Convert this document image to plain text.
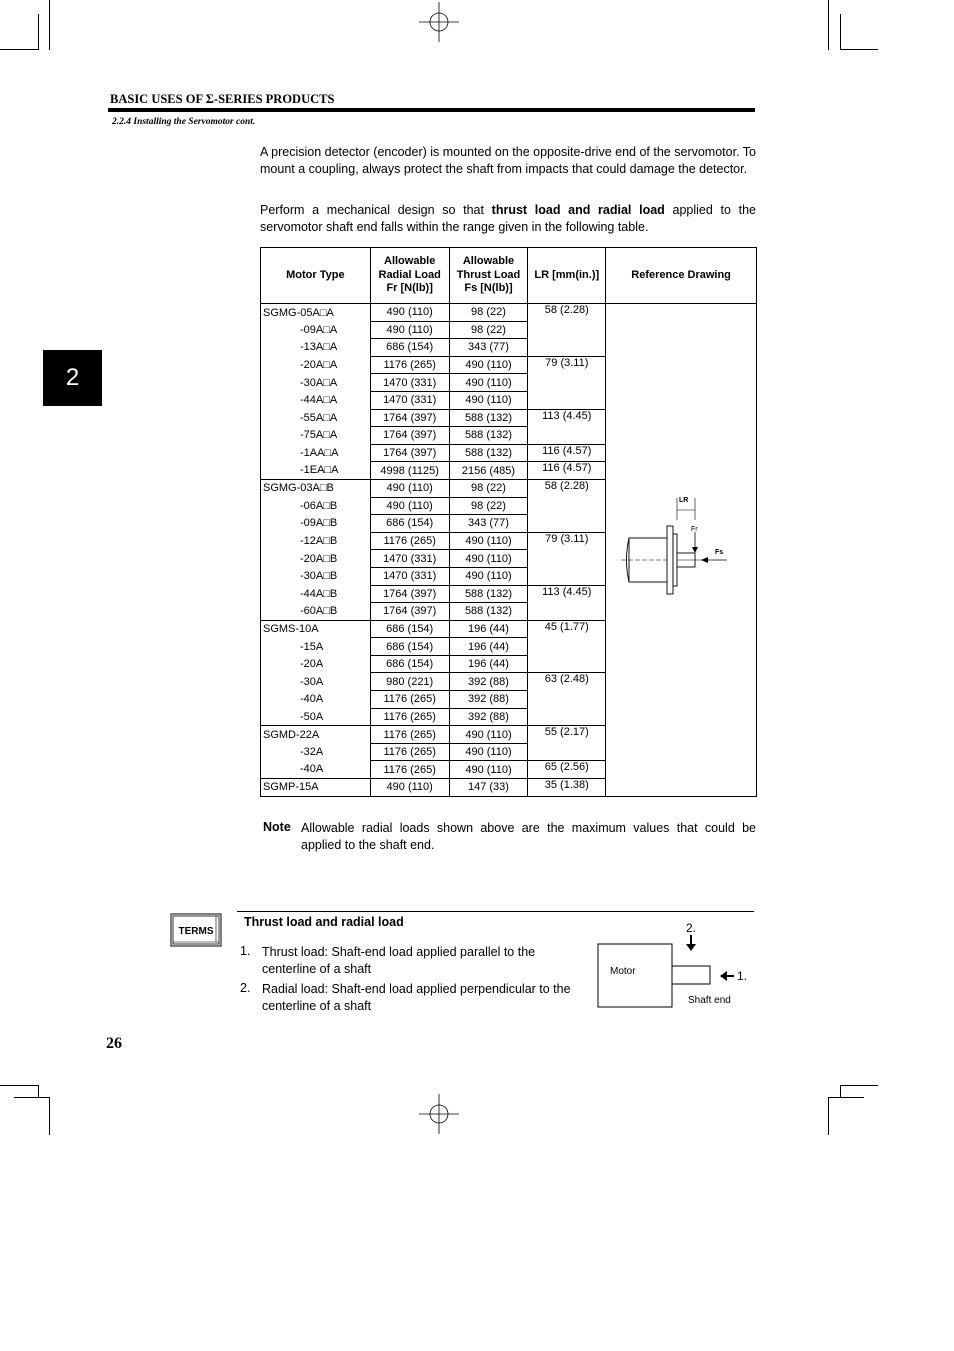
BASIC USES OF Σ-SERIES PRODUCTS
2.2.4 Installing the Servomotor cont.
2

A precision detector (encoder) is mounted on the opposite-drive end of the servomotor. To mount a coupling, always protect the shaft from impacts that could damage the detector.

Perform a mechanical design so that thrust load and radial load applied to the servomotor shaft end falls within the range given in the following table.

Motor Type	Allowable Radial Load Fr [N(lb)]	Allowable Thrust Load Fs [N(lb)]	LR [mm(in.)]	Reference Drawing
SGMG-05A□A	490 (110)	98 (22)	58 (2.28)	LR
Fr
Fs

-09A□A	490 (110)	98 (22)		
-13A□A	686 (154)	343 (77)		
-20A□A	1176 (265)	490 (110)	79 (3.11)	
-30A□A	1470 (331)	490 (110)		
-44A□A	1470 (331)	490 (110)		
-55A□A	1764 (397)	588 (132)	113 (4.45)	
-75A□A	1764 (397)	588 (132)		
-1AA□A	1764 (397)	588 (132)	116 (4.57)	
-1EA□A	4998 (1125)	2156 (485)	116 (4.57)	
SGMG-03A□B	490 (110)	98 (22)	58 (2.28)	
-06A□B	490 (110)	98 (22)		
-09A□B	686 (154)	343 (77)		
-12A□B	1176 (265)	490 (110)	79 (3.11)	
-20A□B	1470 (331)	490 (110)		
-30A□B	1470 (331)	490 (110)		
-44A□B	1764 (397)	588 (132)	113 (4.45)	
-60A□B	1764 (397)	588 (132)		
SGMS-10A	686 (154)	196 (44)	45 (1.77)	
-15A	686 (154)	196 (44)		
-20A	686 (154)	196 (44)		
-30A	980 (221)	392 (88)	63 (2.48)	
-40A	1176 (265)	392 (88)		
-50A	1176 (265)	392 (88)		
SGMD-22A	1176 (265)	490 (110)	55 (2.17)	
-32A	1176 (265)	490 (110)		
-40A	1176 (265)	490 (110)	65 (2.56)	
SGMP-15A	490 (110)	147 (33)	35 (1.38)	
Note Allowable radial loads shown above are the maximum values that could be applied to the shaft end.

TERMS
Thrust load and radial load
1. Thrust load: Shaft-end load applied parallel to the centerline of a shaft

2. Radial load: Shaft-end load applied perpendicular to the centerline of a shaft

Motor
Shaft end
2.
1.
26
